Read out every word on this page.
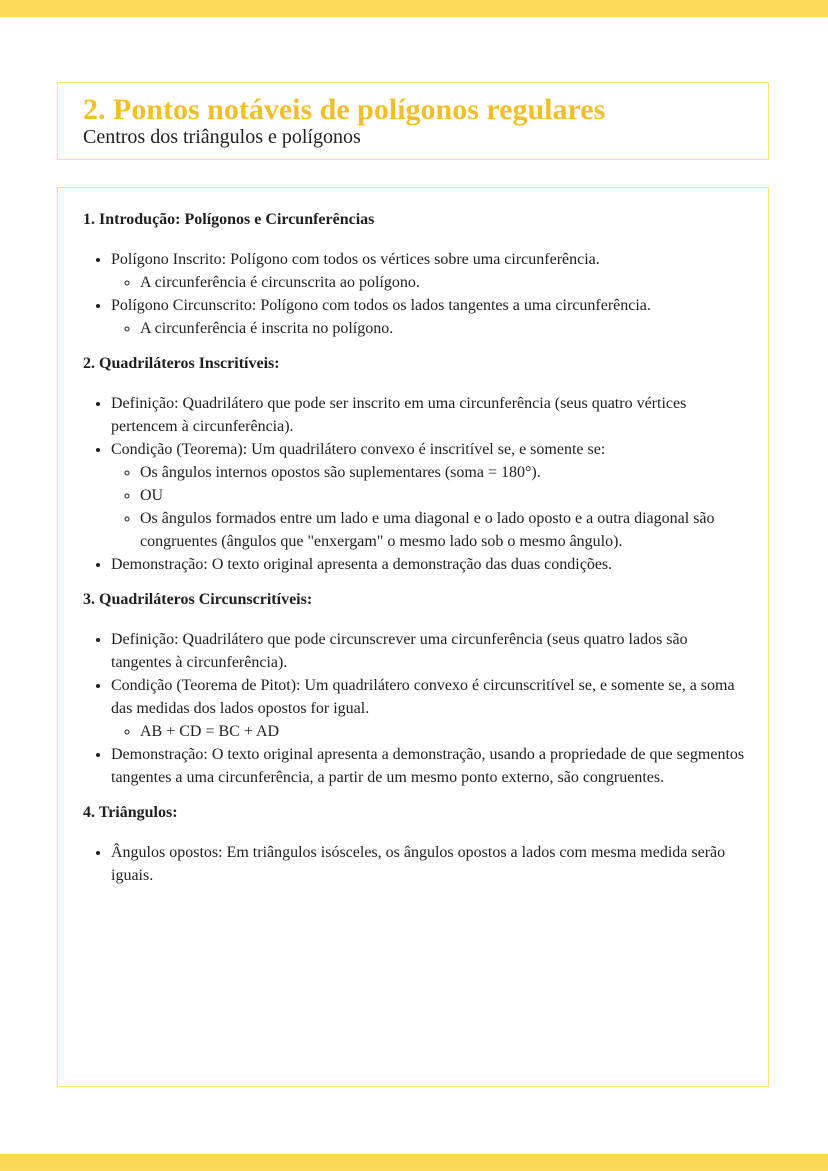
2. Pontos notáveis de polígonos regulares
Centros dos triângulos e polígonos
1. Introdução: Polígonos e Circunferências
• Polígono Inscrito: Polígono com todos os vértices sobre uma circunferência.
◦ A circunferência é circunscrita ao polígono.
• Polígono Circunscrito: Polígono com todos os lados tangentes a uma circunferência.
◦ A circunferência é inscrita no polígono.
2. Quadriláteros Inscritíveis:
• Definição: Quadrilátero que pode ser inscrito em uma circunferência (seus quatro vértices pertencem à circunferência).
• Condição (Teorema): Um quadrilátero convexo é inscritível se, e somente se:
◦ Os ângulos internos opostos são suplementares (soma = 180°).
◦ OU
◦ Os ângulos formados entre um lado e uma diagonal e o lado oposto e a outra diagonal são congruentes (ângulos que "enxergam" o mesmo lado sob o mesmo ângulo).
• Demonstração: O texto original apresenta a demonstração das duas condições.
3. Quadriláteros Circunscritíveis:
• Definição: Quadrilátero que pode circunscrever uma circunferência (seus quatro lados são tangentes à circunferência).
• Condição (Teorema de Pitot): Um quadrilátero convexo é circunscritível se, e somente se, a soma das medidas dos lados opostos for igual.
◦ AB + CD = BC + AD
• Demonstração: O texto original apresenta a demonstração, usando a propriedade de que segmentos tangentes a uma circunferência, a partir de um mesmo ponto externo, são congruentes.
4. Triângulos:
• Ângulos opostos: Em triângulos isósceles, os ângulos opostos a lados com mesma medida serão iguais.
